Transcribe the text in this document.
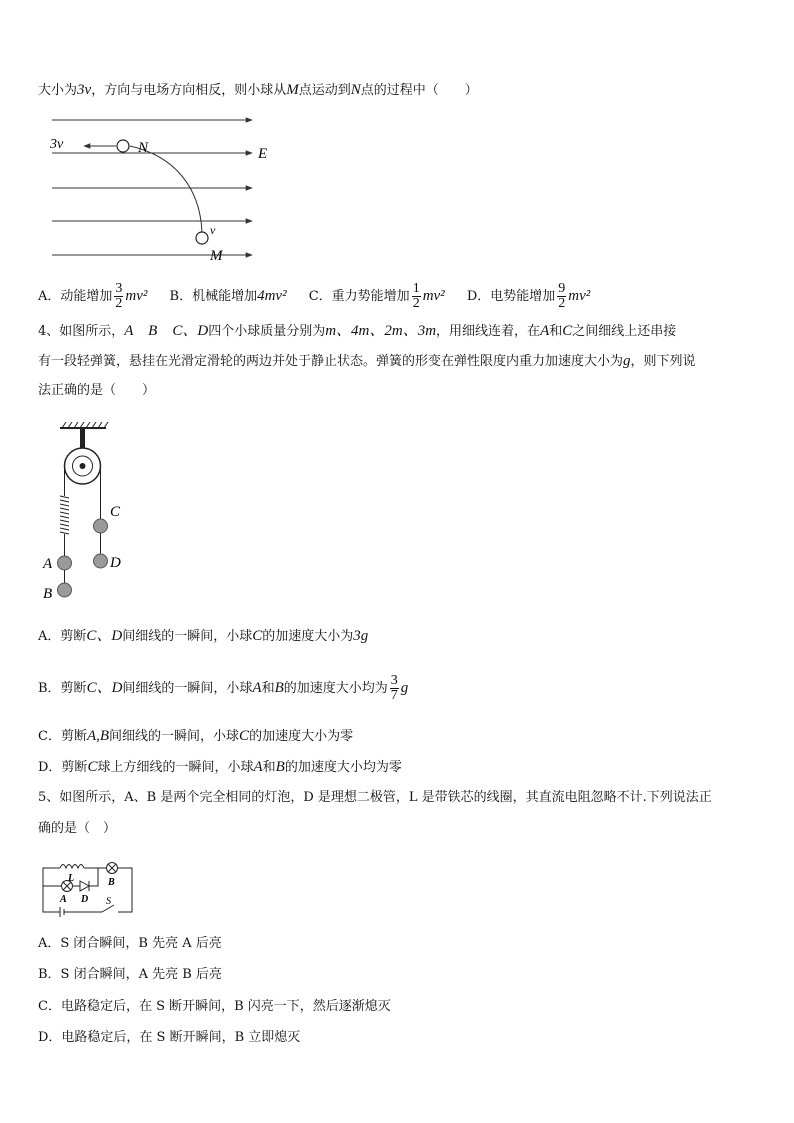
大小为3v，方向与电场方向相反，则小球从M点运动到N点的过程中（　　）
3v	N	E
v
M
A．动能增加 $\frac{3}{2} mv^2$ B．机械能增加4mv² C．重力势能增加 $\frac{1}{2} mv^2$ D．电势能增加 $\frac{9}{2} mv^2$
4、如图所示，A　B　C、D四个小球质量分别为m、4m、2m、3m，用细线连着，在A和C之间细线上还串接
有一段轻弹簧，悬挂在光滑定滑轮的两边并处于静止状态。弹簧的形变在弹性限度内重力加速度大小为g，则下列说
法正确的是（　　）
C
A	D
B
A．剪断C、D间细线的一瞬间，小球C的加速度大小为3g
B．剪断C、D间细线的一瞬间，小球A和B的加速度大小均为 $\frac{3}{7}$ g
C．剪断A,B间细线的一瞬间，小球C的加速度大小为零
D．剪断C球上方细线的一瞬间，小球A和B的加速度大小均为零
5、如图所示，A、B 是两个完全相同的灯泡，D 是理想二极管，L 是带铁芯的线圈，其直流电阻忽略不计.下列说法正
确的是（　）
L
A D
B
S
A．S 闭合瞬间，B 先亮 A 后亮
B．S 闭合瞬间，A 先亮 B 后亮
C．电路稳定后，在 S 断开瞬间，B 闪亮一下，然后逐渐熄灭
D．电路稳定后，在 S 断开瞬间，B 立即熄灭
